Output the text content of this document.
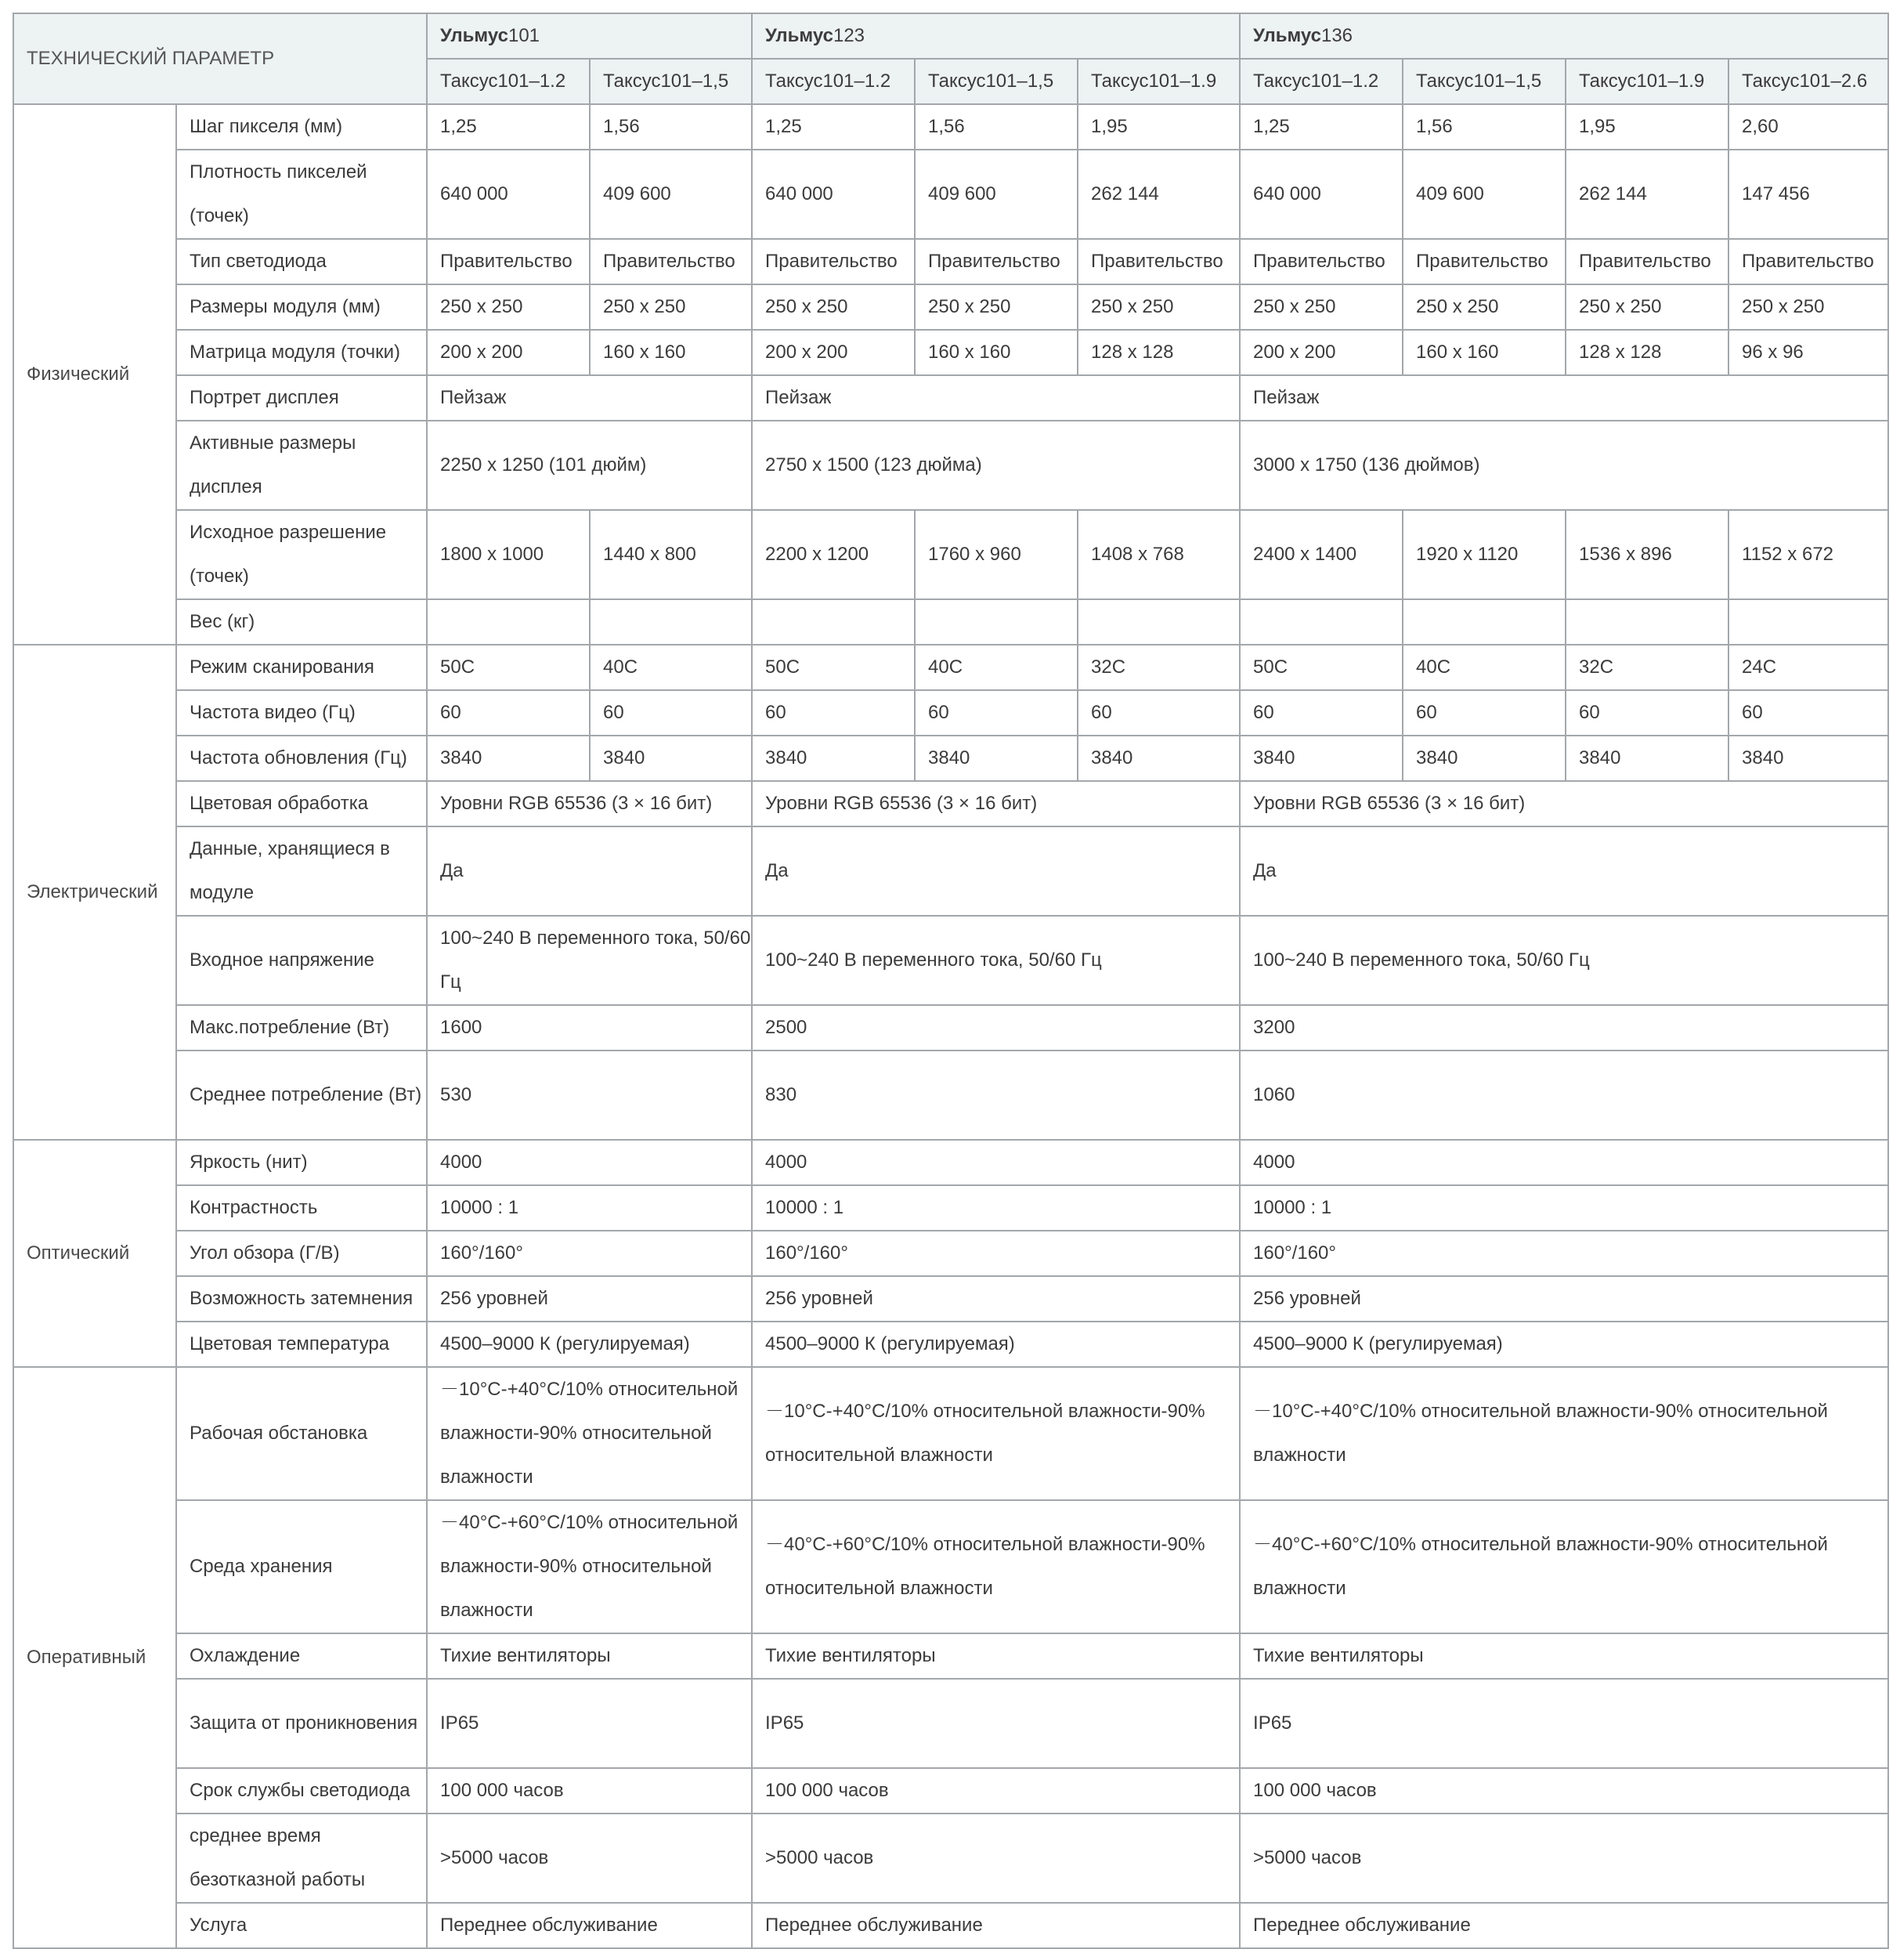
ТЕХНИЧЕСКИЙ ПАРАМЕТР		Ульмус101		Ульмус123			Ульмус136			
		Таксус101–1.2	Таксус101–1,5	Таксус101–1.2	Таксус101–1,5	Таксус101–1.9	Таксус101–1.2	Таксус101–1,5	Таксус101–1.9	Таксус101–2.6
Физический	Шаг пикселя (мм)	1,25	1,56	1,25	1,56	1,95	1,25	1,56	1,95	2,60
	Плотность пикселей (точек)	640 000	409 600	640 000	409 600	262 144	640 000	409 600	262 144	147 456
	Тип светодиода	Правительство	Правительство	Правительство	Правительство	Правительство	Правительство	Правительство	Правительство	Правительство
	Размеры модуля (мм)	250 x 250	250 x 250	250 x 250	250 x 250	250 x 250	250 x 250	250 x 250	250 x 250	250 x 250
	Матрица модуля (точки)	200 x 200	160 x 160	200 x 200	160 x 160	128 x 128	200 x 200	160 x 160	128 x 128	96 x 96
	Портрет дисплея	Пейзаж		Пейзаж			Пейзаж			
	Активные размеры дисплея	2250 x 1250 (101 дюйм)		2750 x 1500 (123 дюйма)			3000 x 1750 (136 дюймов)			
	Исходное разрешение (точек)	1800 x 1000	1440 x 800	2200 x 1200	1760 x 960	1408 x 768	2400 x 1400	1920 x 1120	1536 x 896	1152 x 672
	Вес (кг)									
Электрический	Режим сканирования	50С	40С	50С	40С	32С	50С	40С	32С	24С
	Частота видео (Гц)	60	60	60	60	60	60	60	60	60
	Частота обновления (Гц)	3840	3840	3840	3840	3840	3840	3840	3840	3840
	Цветовая обработка	Уровни RGB 65536 (3 × 16 бит)		Уровни RGB 65536 (3 × 16 бит)			Уровни RGB 65536 (3 × 16 бит)			
	Данные, хранящиеся в модуле	Да		Да			Да			
	Входное напряжение	100~240 В переменного тока, 50/60 Гц		100~240 В переменного тока, 50/60 Гц			100~240 В переменного тока, 50/60 Гц			
	Макс.потребление (Вт)	1600		2500			3200			
	Среднее потребление (Вт)	530		830			1060			
Оптический	Яркость (нит)	4000		4000			4000			
	Контрастность	10000 : 1		10000 : 1			10000 : 1			
	Угол обзора (Г/В)	160°/160°		160°/160°			160°/160°			
	Возможность затемнения	256 уровней		256 уровней			256 уровней			
	Цветовая температура	4500–9000 К (регулируемая)		4500–9000 К (регулируемая)			4500–9000 К (регулируемая)			
Оперативный	Рабочая обстановка	－10°C-+40°C/10% относительной влажности-90% относительной влажности		－10°C-+40°C/10% относительной влажности-90% относительной влажности			－10°C-+40°C/10% относительной влажности-90% относительной влажности			
	Среда хранения	－40°C-+60°C/10% относительной влажности-90% относительной влажности		－40°C-+60°C/10% относительной влажности-90% относительной влажности			－40°C-+60°C/10% относительной влажности-90% относительной влажности			
	Охлаждение	Тихие вентиляторы		Тихие вентиляторы			Тихие вентиляторы			
	Защита от проникновения	IP65		IP65			IP65			
	Срок службы светодиода	100 000 часов		100 000 часов			100 000 часов			
	среднее время безотказной работы	>5000 часов		>5000 часов			>5000 часов			
	Услуга	Переднее обслуживание		Переднее обслуживание			Переднее обслуживание			
